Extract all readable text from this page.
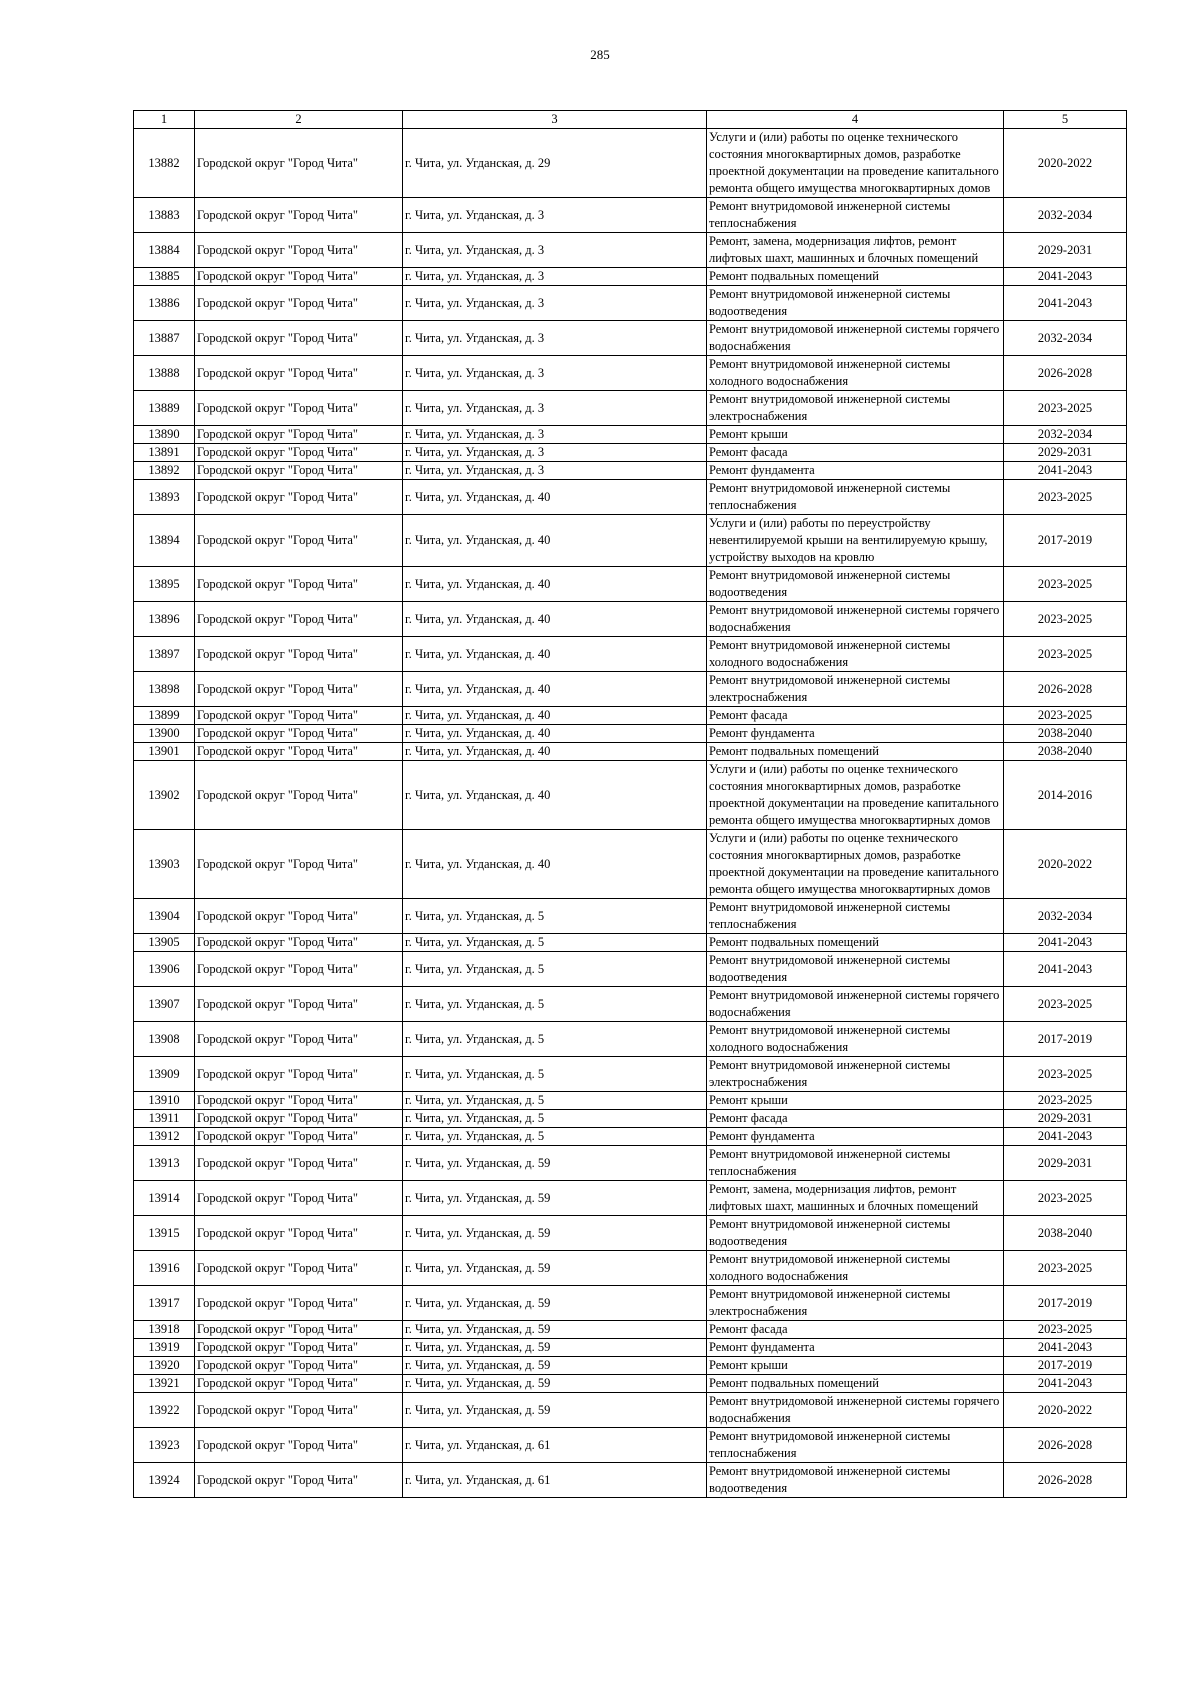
285
1	2	3	4	5
13882	Городской округ "Город Чита"	г. Чита, ул. Угданская, д. 29	Услуги и (или) работы по оценке технического состояния многоквартирных домов, разработке проектной документации на проведение капитального ремонта общего имущества многоквартирных домов	2020-2022
13883	Городской округ "Город Чита"	г. Чита, ул. Угданская, д. 3	Ремонт внутридомовой инженерной системы теплоснабжения	2032-2034
13884	Городской округ "Город Чита"	г. Чита, ул. Угданская, д. 3	Ремонт, замена, модернизация лифтов, ремонт лифтовых шахт, машинных и блочных помещений	2029-2031
13885	Городской округ "Город Чита"	г. Чита, ул. Угданская, д. 3	Ремонт подвальных помещений	2041-2043
13886	Городской округ "Город Чита"	г. Чита, ул. Угданская, д. 3	Ремонт внутридомовой инженерной системы водоотведения	2041-2043
13887	Городской округ "Город Чита"	г. Чита, ул. Угданская, д. 3	Ремонт внутридомовой инженерной системы горячего водоснабжения	2032-2034
13888	Городской округ "Город Чита"	г. Чита, ул. Угданская, д. 3	Ремонт внутридомовой инженерной системы холодного водоснабжения	2026-2028
13889	Городской округ "Город Чита"	г. Чита, ул. Угданская, д. 3	Ремонт внутридомовой инженерной системы электроснабжения	2023-2025
13890	Городской округ "Город Чита"	г. Чита, ул. Угданская, д. 3	Ремонт крыши	2032-2034
13891	Городской округ "Город Чита"	г. Чита, ул. Угданская, д. 3	Ремонт фасада	2029-2031
13892	Городской округ "Город Чита"	г. Чита, ул. Угданская, д. 3	Ремонт фундамента	2041-2043
13893	Городской округ "Город Чита"	г. Чита, ул. Угданская, д. 40	Ремонт внутридомовой инженерной системы теплоснабжения	2023-2025
13894	Городской округ "Город Чита"	г. Чита, ул. Угданская, д. 40	Услуги и (или) работы по переустройству невентилируемой крыши на вентилируемую крышу, устройству выходов на кровлю	2017-2019
13895	Городской округ "Город Чита"	г. Чита, ул. Угданская, д. 40	Ремонт внутридомовой инженерной системы водоотведения	2023-2025
13896	Городской округ "Город Чита"	г. Чита, ул. Угданская, д. 40	Ремонт внутридомовой инженерной системы горячего водоснабжения	2023-2025
13897	Городской округ "Город Чита"	г. Чита, ул. Угданская, д. 40	Ремонт внутридомовой инженерной системы холодного водоснабжения	2023-2025
13898	Городской округ "Город Чита"	г. Чита, ул. Угданская, д. 40	Ремонт внутридомовой инженерной системы электроснабжения	2026-2028
13899	Городской округ "Город Чита"	г. Чита, ул. Угданская, д. 40	Ремонт фасада	2023-2025
13900	Городской округ "Город Чита"	г. Чита, ул. Угданская, д. 40	Ремонт фундамента	2038-2040
13901	Городской округ "Город Чита"	г. Чита, ул. Угданская, д. 40	Ремонт подвальных помещений	2038-2040
13902	Городской округ "Город Чита"	г. Чита, ул. Угданская, д. 40	Услуги и (или) работы по оценке технического состояния многоквартирных домов, разработке проектной документации на проведение капитального ремонта общего имущества многоквартирных домов	2014-2016
13903	Городской округ "Город Чита"	г. Чита, ул. Угданская, д. 40	Услуги и (или) работы по оценке технического состояния многоквартирных домов, разработке проектной документации на проведение капитального ремонта общего имущества многоквартирных домов	2020-2022
13904	Городской округ "Город Чита"	г. Чита, ул. Угданская, д. 5	Ремонт внутридомовой инженерной системы теплоснабжения	2032-2034
13905	Городской округ "Город Чита"	г. Чита, ул. Угданская, д. 5	Ремонт подвальных помещений	2041-2043
13906	Городской округ "Город Чита"	г. Чита, ул. Угданская, д. 5	Ремонт внутридомовой инженерной системы водоотведения	2041-2043
13907	Городской округ "Город Чита"	г. Чита, ул. Угданская, д. 5	Ремонт внутридомовой инженерной системы горячего водоснабжения	2023-2025
13908	Городской округ "Город Чита"	г. Чита, ул. Угданская, д. 5	Ремонт внутридомовой инженерной системы холодного водоснабжения	2017-2019
13909	Городской округ "Город Чита"	г. Чита, ул. Угданская, д. 5	Ремонт внутридомовой инженерной системы электроснабжения	2023-2025
13910	Городской округ "Город Чита"	г. Чита, ул. Угданская, д. 5	Ремонт крыши	2023-2025
13911	Городской округ "Город Чита"	г. Чита, ул. Угданская, д. 5	Ремонт фасада	2029-2031
13912	Городской округ "Город Чита"	г. Чита, ул. Угданская, д. 5	Ремонт фундамента	2041-2043
13913	Городской округ "Город Чита"	г. Чита, ул. Угданская, д. 59	Ремонт внутридомовой инженерной системы теплоснабжения	2029-2031
13914	Городской округ "Город Чита"	г. Чита, ул. Угданская, д. 59	Ремонт, замена, модернизация лифтов, ремонт лифтовых шахт, машинных и блочных помещений	2023-2025
13915	Городской округ "Город Чита"	г. Чита, ул. Угданская, д. 59	Ремонт внутридомовой инженерной системы водоотведения	2038-2040
13916	Городской округ "Город Чита"	г. Чита, ул. Угданская, д. 59	Ремонт внутридомовой инженерной системы холодного водоснабжения	2023-2025
13917	Городской округ "Город Чита"	г. Чита, ул. Угданская, д. 59	Ремонт внутридомовой инженерной системы электроснабжения	2017-2019
13918	Городской округ "Город Чита"	г. Чита, ул. Угданская, д. 59	Ремонт фасада	2023-2025
13919	Городской округ "Город Чита"	г. Чита, ул. Угданская, д. 59	Ремонт фундамента	2041-2043
13920	Городской округ "Город Чита"	г. Чита, ул. Угданская, д. 59	Ремонт крыши	2017-2019
13921	Городской округ "Город Чита"	г. Чита, ул. Угданская, д. 59	Ремонт подвальных помещений	2041-2043
13922	Городской округ "Город Чита"	г. Чита, ул. Угданская, д. 59	Ремонт внутридомовой инженерной системы горячего водоснабжения	2020-2022
13923	Городской округ "Город Чита"	г. Чита, ул. Угданская, д. 61	Ремонт внутридомовой инженерной системы теплоснабжения	2026-2028
13924	Городской округ "Город Чита"	г. Чита, ул. Угданская, д. 61	Ремонт внутридомовой инженерной системы водоотведения	2026-2028
